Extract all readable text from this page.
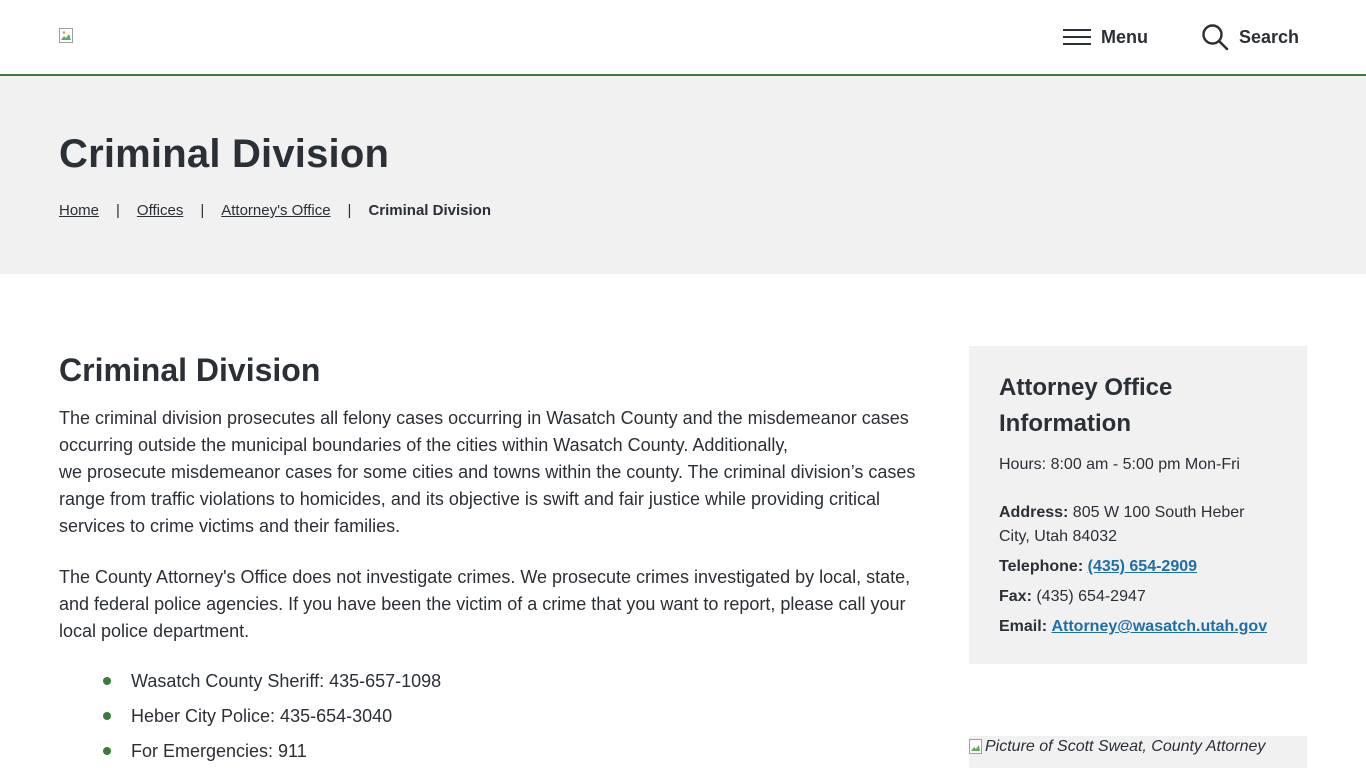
Menu	Search
Criminal Division
Home | Offices | Attorney's Office | Criminal Division
Criminal Division

The criminal division prosecutes all felony cases occurring in Wasatch County and the misdemeanor cases occurring outside the municipal boundaries of the cities within Wasatch County. Additionally,
we prosecute misdemeanor cases for some cities and towns within the county. The criminal division’s cases range from traffic violations to homicides, and its objective is swift and fair justice while providing critical services to crime victims and their families.

The County Attorney's Office does not investigate crimes. We prosecute crimes investigated by local, state, and federal police agencies. If you have been the victim of a crime that you want to report, please call your local police department.

Wasatch County Sheriff: 435-657-1098
Heber City Police: 435-654-3040
For Emergencies: 911
Attorney Office Information
Hours: 8:00 am - 5:00 pm Mon-Fri
Address: 805 W 100 South Heber City, Utah 84032
Telephone: (435) 654-2909
Fax: (435) 654-2947
Email: Attorney@wasatch.utah.gov
Picture of Scott Sweat, County Attorney
